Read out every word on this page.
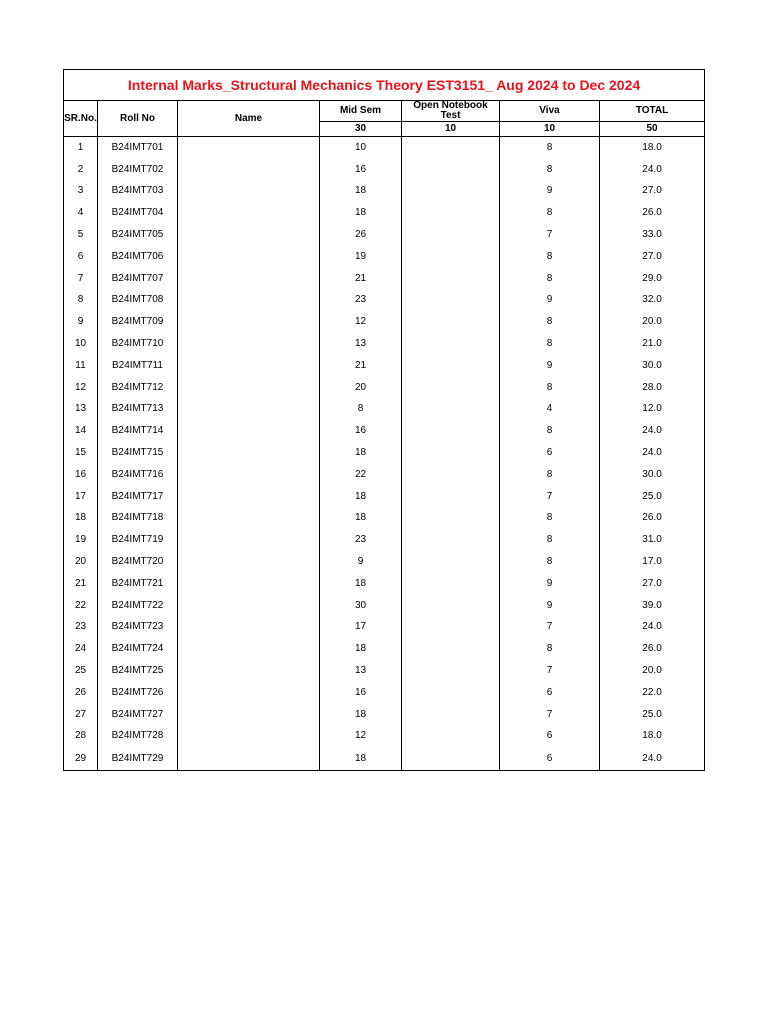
Internal Marks_Structural Mechanics Theory EST3151_ Aug 2024 to Dec 2024						
SR.No.	Roll No	Name	Mid Sem	Open Notebook Test	Viva	TOTAL
			30	10	10	50
1	B24IMT701		10		8	18.0
2	B24IMT702		16		8	24.0
3	B24IMT703		18		9	27.0
4	B24IMT704		18		8	26.0
5	B24IMT705		26		7	33.0
6	B24IMT706		19		8	27.0
7	B24IMT707		21		8	29.0
8	B24IMT708		23		9	32.0
9	B24IMT709		12		8	20.0
10	B24IMT710		13		8	21.0
11	B24IMT711		21		9	30.0
12	B24IMT712		20		8	28.0
13	B24IMT713		8		4	12.0
14	B24IMT714		16		8	24.0
15	B24IMT715		18		6	24.0
16	B24IMT716		22		8	30.0
17	B24IMT717		18		7	25.0
18	B24IMT718		18		8	26.0
19	B24IMT719		23		8	31.0
20	B24IMT720		9		8	17.0
21	B24IMT721		18		9	27.0
22	B24IMT722		30		9	39.0
23	B24IMT723		17		7	24.0
24	B24IMT724		18		8	26.0
25	B24IMT725		13		7	20.0
26	B24IMT726		16		6	22.0
27	B24IMT727		18		7	25.0
28	B24IMT728		12		6	18.0
29	B24IMT729		18		6	24.0
